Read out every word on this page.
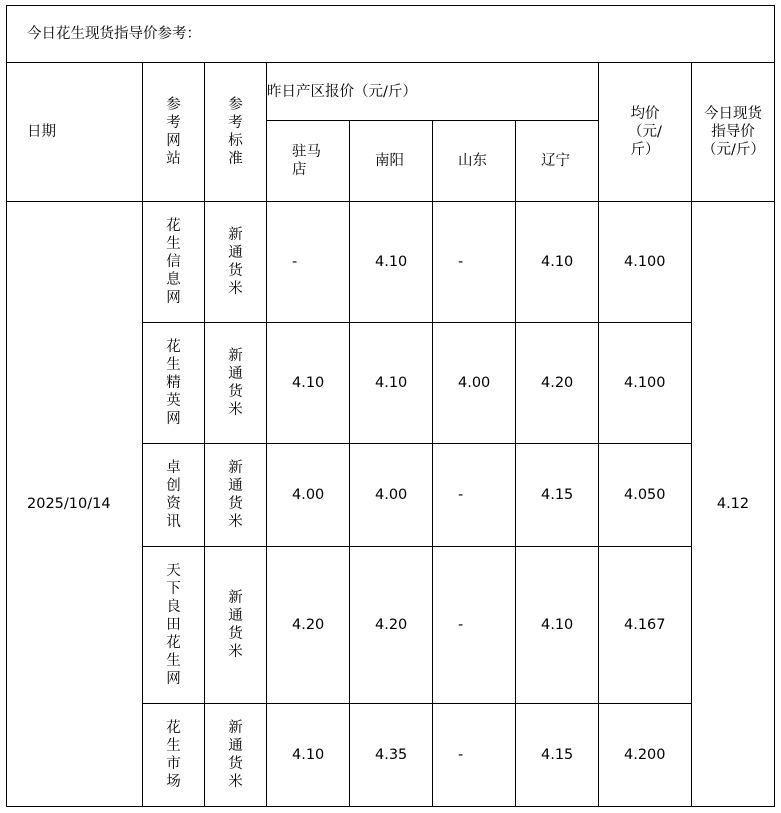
今日花生现货指导价参考：								
日期	参考网站	参考标准	昨日产区报价（元/斤）				均价（元/斤）	今日现货指导价（元/斤）
			驻马店	南阳	山东	辽宁		
2025/10/14	花生信息网	新通货米	-	4.10	-	4.10	4.100	4.12
	花生精英网	新通货米	4.10	4.10	4.00	4.20	4.100	
	卓创资讯	新通货米	4.00	4.00	-	4.15	4.050	
	天下良田花生网	新通货米	4.20	4.20	-	4.10	4.167	
	花生市场	新通货米	4.10	4.35	-	4.15	4.200	
